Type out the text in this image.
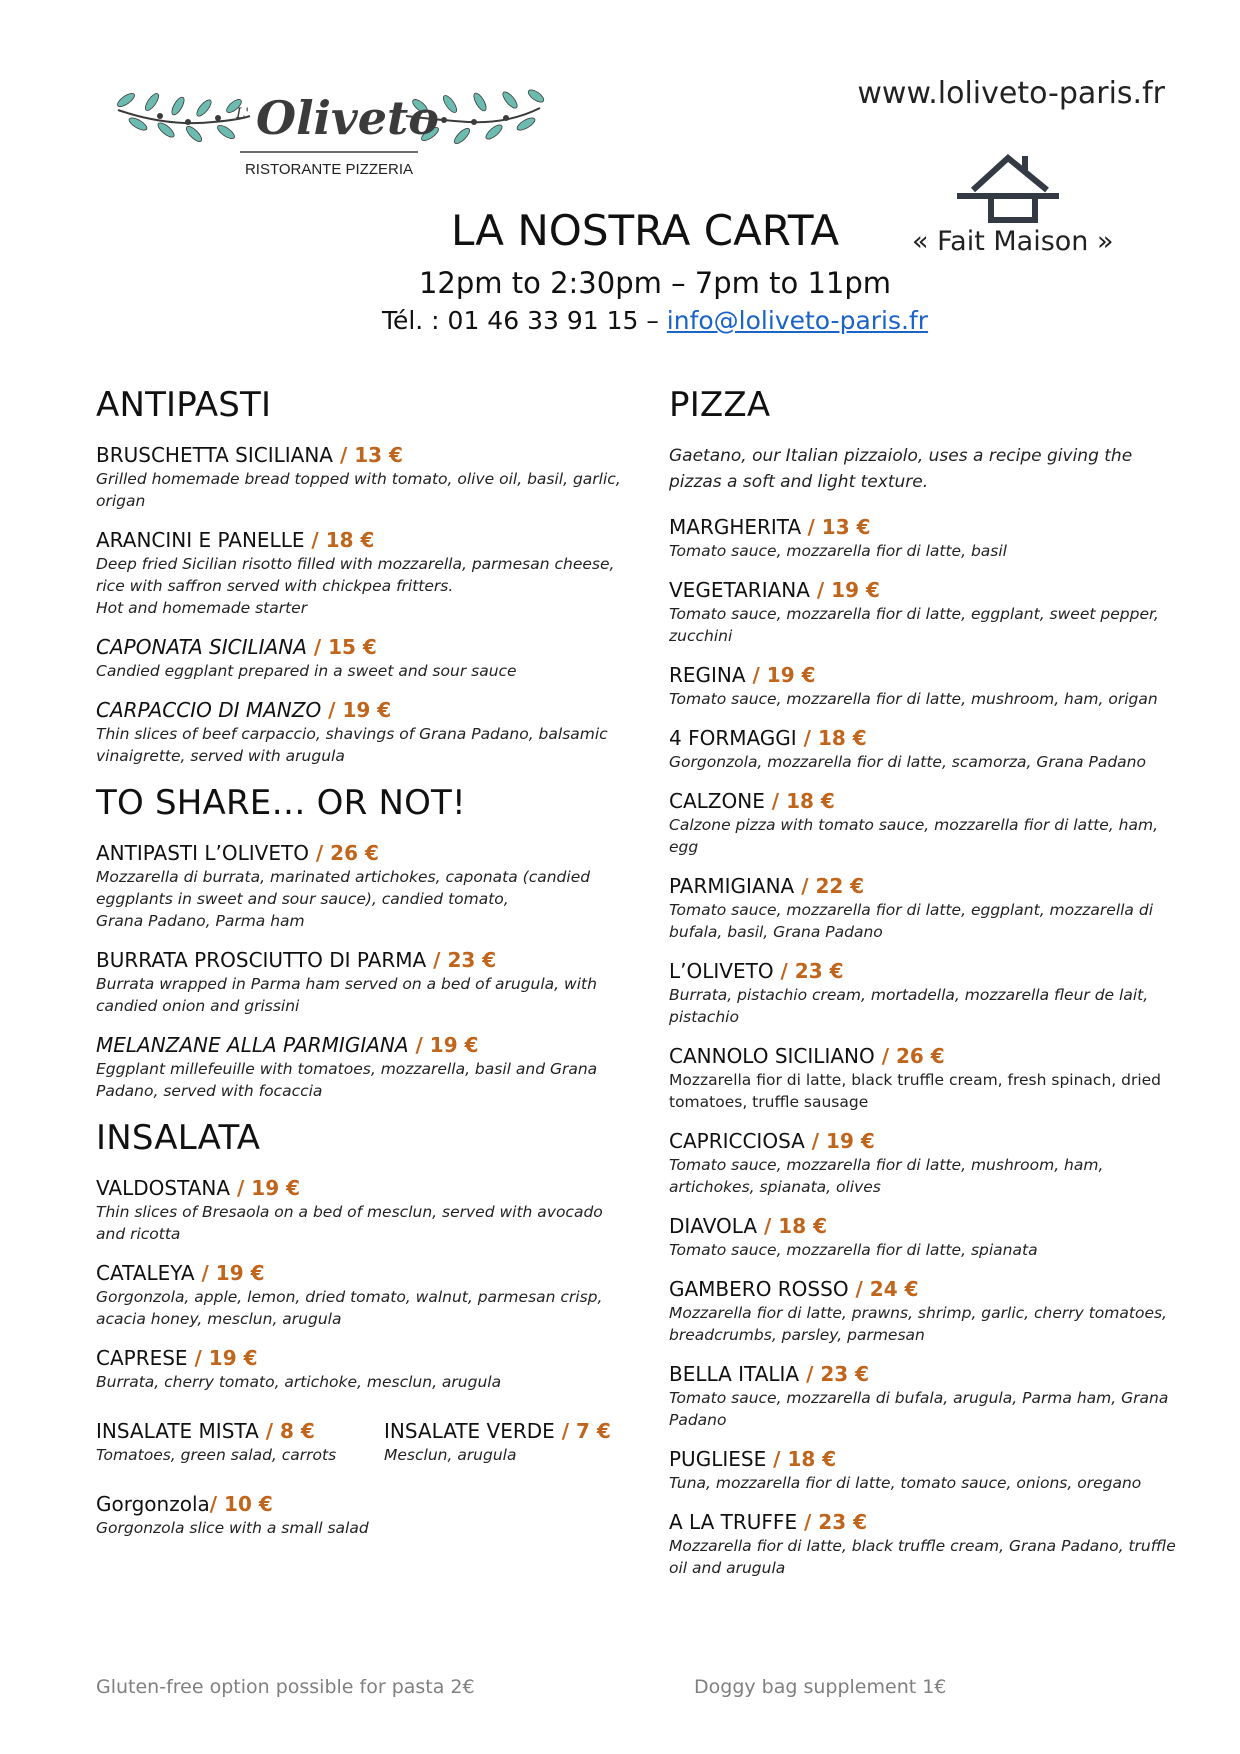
L' Oliveto
RISTORANTE PIZZERIA
www.loliveto-paris.fr
« Fait Maison »
LA NOSTRA CARTA
12pm to 2:30pm – 7pm to 11pm
Tél. : 01 46 33 91 15 – info@loliveto-paris.fr
ANTIPASTI
BRUSCHETTA SICILIANA / 13 €
Grilled homemade bread topped with tomato, olive oil, basil, garlic, origan
ARANCINI E PANELLE / 18 €
Deep fried Sicilian risotto filled with mozzarella, parmesan cheese, rice with saffron served with chickpea fritters.
Hot and homemade starter
CAPONATA SICILIANA / 15 €
Candied eggplant prepared in a sweet and sour sauce
CARPACCIO DI MANZO / 19 €
Thin slices of beef carpaccio, shavings of Grana Padano, balsamic vinaigrette, served with arugula
TO SHARE… OR NOT!
ANTIPASTI L’OLIVETO / 26 €
Mozzarella di burrata, marinated artichokes, caponata (candied eggplants in sweet and sour sauce), candied tomato,
Grana Padano, Parma ham
BURRATA PROSCIUTTO DI PARMA / 23 €
Burrata wrapped in Parma ham served on a bed of arugula, with candied onion and grissini
MELANZANE ALLA PARMIGIANA / 19 €
Eggplant millefeuille with tomatoes, mozzarella, basil and Grana Padano, served with focaccia
INSALATA
VALDOSTANA / 19 €
Thin slices of Bresaola on a bed of mesclun, served with avocado and ricotta
CATALEYA / 19 €
Gorgonzola, apple, lemon, dried tomato, walnut, parmesan crisp, acacia honey, mesclun, arugula
CAPRESE / 19 €
Burrata, cherry tomato, artichoke, mesclun, arugula
INSALATE MISTA / 8 €
Tomatoes, green salad, carrots
INSALATE VERDE / 7 €
Mesclun, arugula
Gorgonzola/ 10 €
Gorgonzola slice with a small salad
PIZZA
Gaetano, our Italian pizzaiolo, uses a recipe giving the pizzas a soft and light texture.
MARGHERITA / 13 €
Tomato sauce, mozzarella fior di latte, basil
VEGETARIANA / 19 €
Tomato sauce, mozzarella fior di latte, eggplant, sweet pepper, zucchini
REGINA / 19 €
Tomato sauce, mozzarella fior di latte, mushroom, ham, origan
4 FORMAGGI / 18 €
Gorgonzola, mozzarella fior di latte, scamorza, Grana Padano
CALZONE / 18 €
Calzone pizza with tomato sauce, mozzarella fior di latte, ham, egg
PARMIGIANA / 22 €
Tomato sauce, mozzarella fior di latte, eggplant, mozzarella di bufala, basil, Grana Padano
L’OLIVETO / 23 €
Burrata, pistachio cream, mortadella, mozzarella fleur de lait, pistachio
CANNOLO SICILIANO / 26 €
Mozzarella fior di latte, black truffle cream, fresh spinach, dried tomatoes, truffle sausage
CAPRICCIOSA / 19 €
Tomato sauce, mozzarella fior di latte, mushroom, ham, artichokes, spianata, olives
DIAVOLA / 18 €
Tomato sauce, mozzarella fior di latte, spianata
GAMBERO ROSSO / 24 €
Mozzarella fior di latte, prawns, shrimp, garlic, cherry tomatoes, breadcrumbs, parsley, parmesan
BELLA ITALIA / 23 €
Tomato sauce, mozzarella di bufala, arugula, Parma ham, Grana Padano
PUGLIESE / 18 €
Tuna, mozzarella fior di latte, tomato sauce, onions, oregano
A LA TRUFFE / 23 €
Mozzarella fior di latte, black truffle cream, Grana Padano, truffle oil and arugula
Gluten-free option possible for pasta 2€	Doggy bag supplement 1€
